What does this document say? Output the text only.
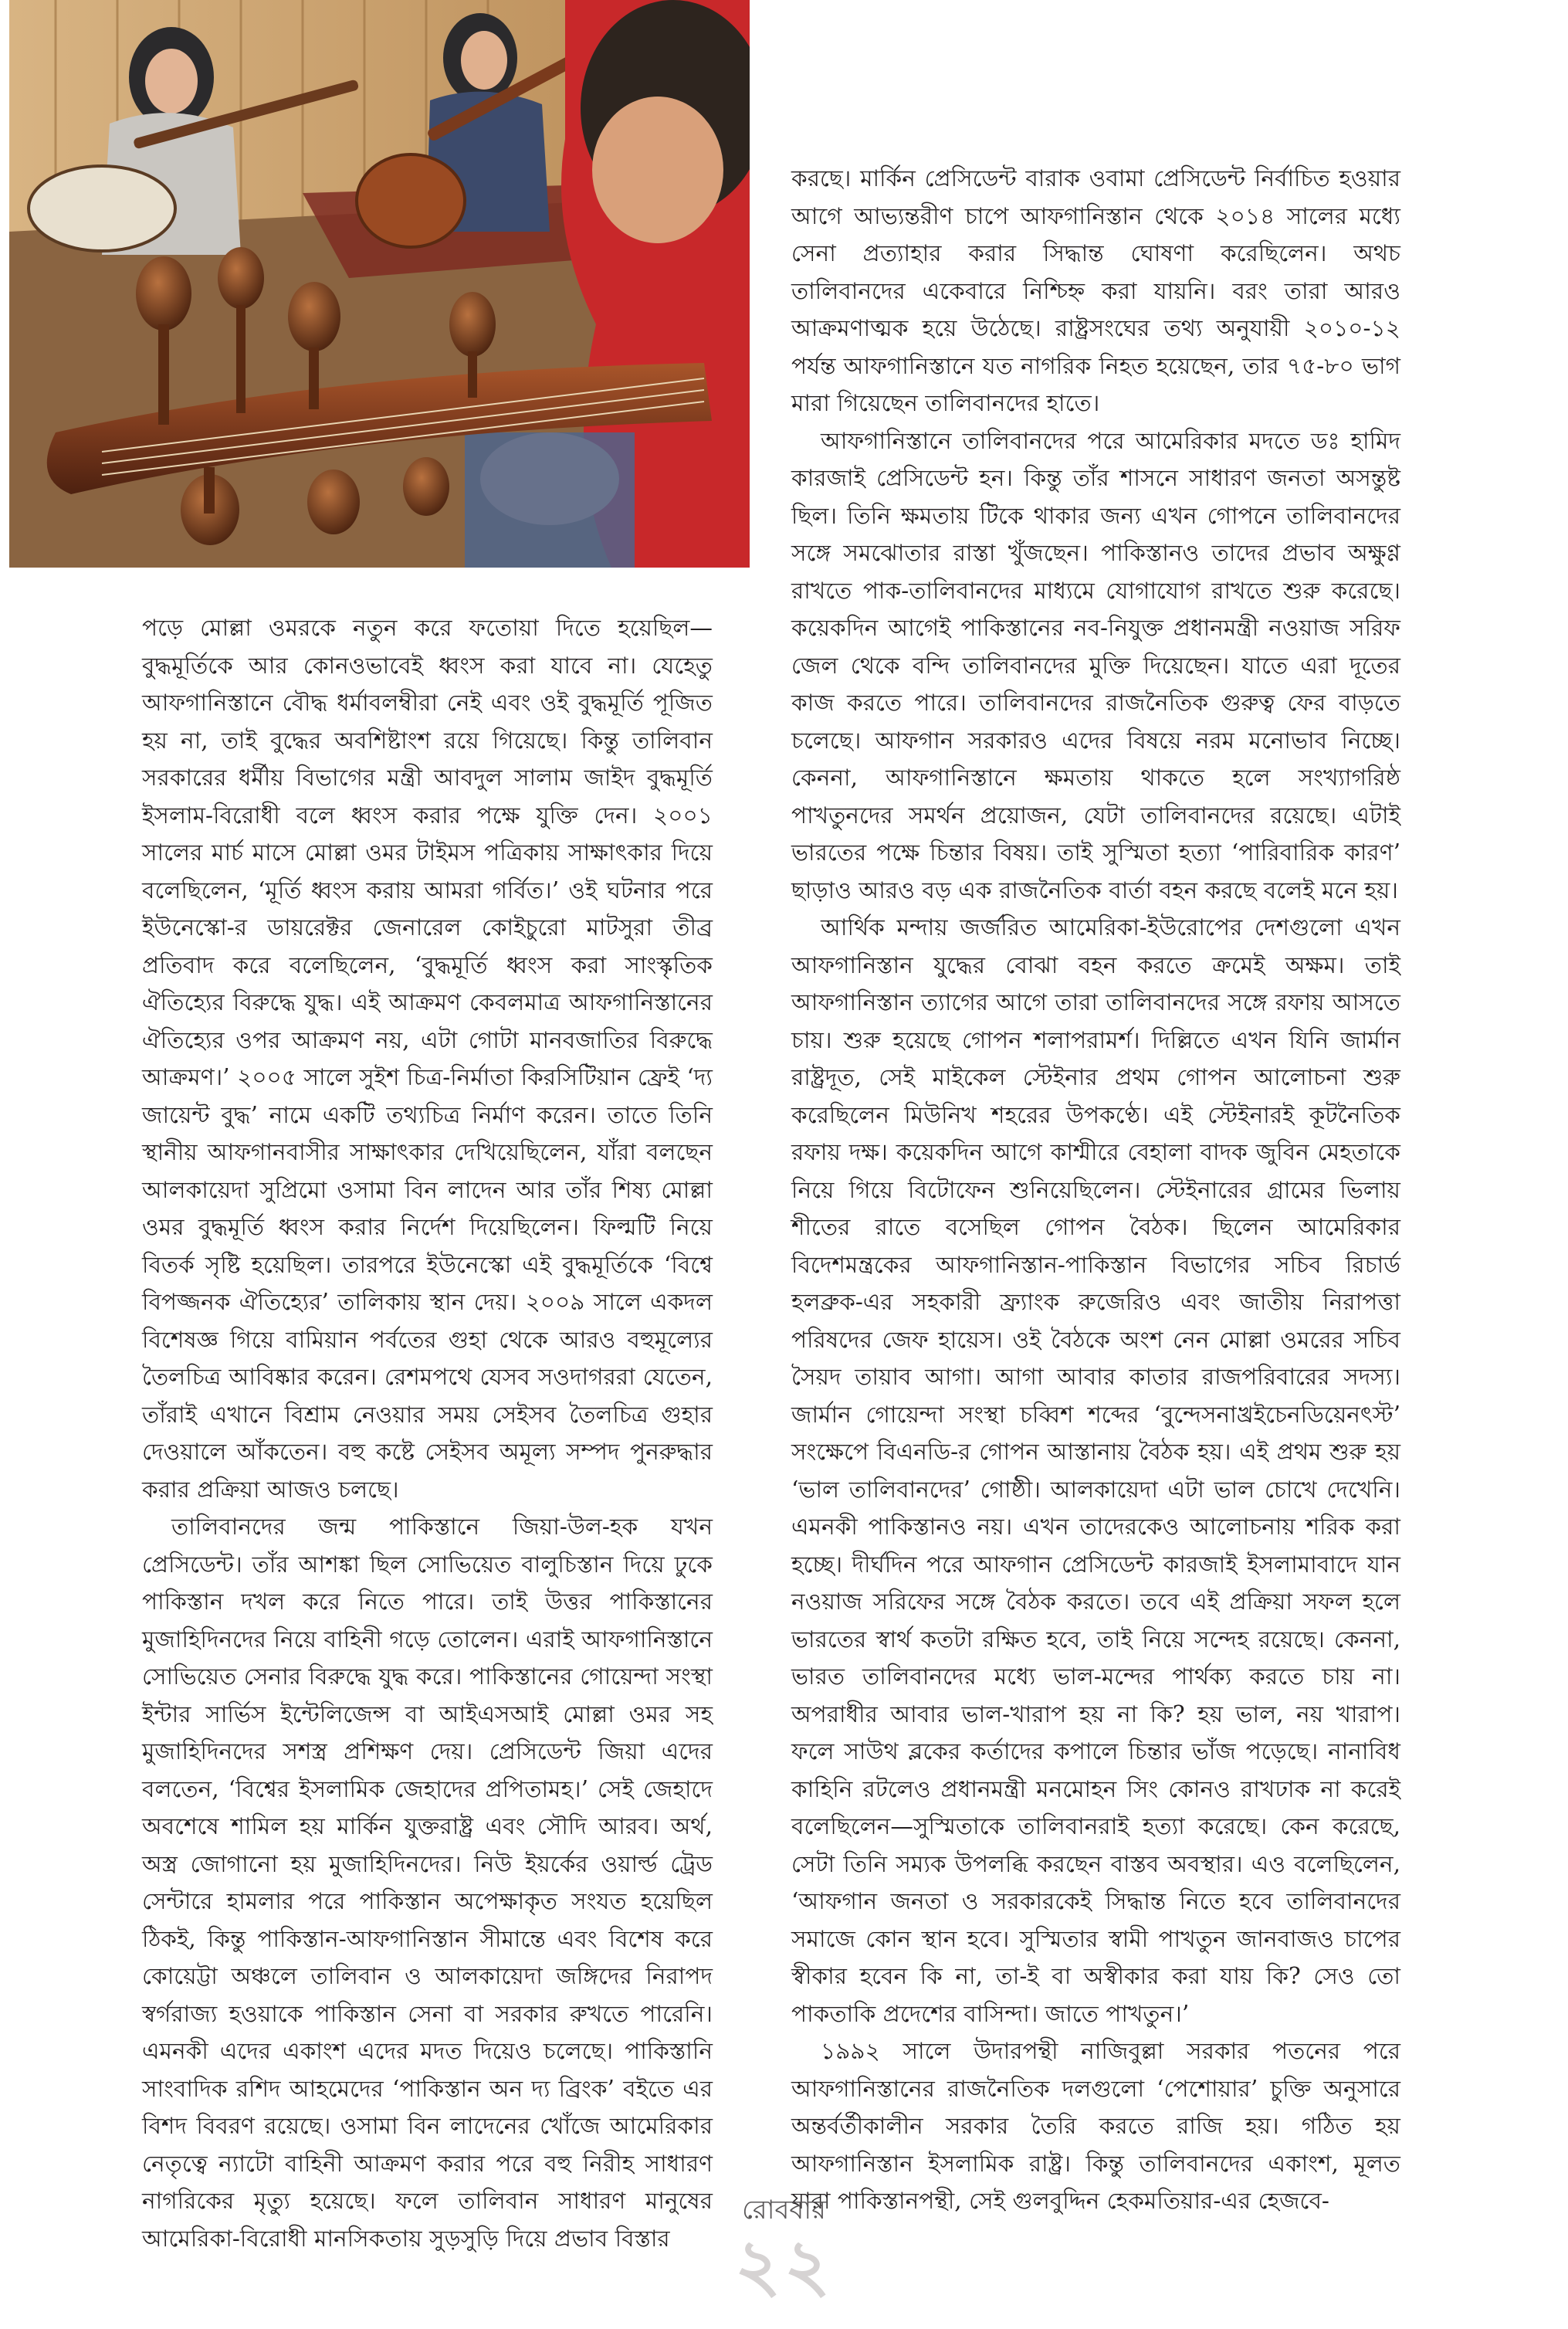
পড়ে মোল্লা ওমরকে নতুন করে ফতোয়া দিতে হয়েছিল—বুদ্ধমূর্তিকে আর কোনওভাবেই ধ্বংস করা যাবে না। যেহেতু আফগানিস্তানে বৌদ্ধ ধর্মাবলম্বীরা নেই এবং ওই বুদ্ধমূর্তি পূজিত হয় না, তাই বুদ্ধের অবশিষ্টাংশ রয়ে গিয়েছে। কিন্তু তালিবান সরকারের ধর্মীয় বিভাগের মন্ত্রী আবদুল সালাম জাইদ বুদ্ধমূর্তি ইসলাম-বিরোধী বলে ধ্বংস করার পক্ষে যুক্তি দেন। ২০০১ সালের মার্চ মাসে মোল্লা ওমর টাইমস পত্রিকায় সাক্ষাৎকার দিয়ে বলেছিলেন, ‘মূর্তি ধ্বংস করায় আমরা গর্বিত।’ ওই ঘটনার পরে ইউনেস্কো-র ডায়রেক্টর জেনারেল কোইচুরো মাটসুরা তীব্র প্রতিবাদ করে বলেছিলেন, ‘বুদ্ধমূর্তি ধ্বংস করা সাংস্কৃতিক ঐতিহ্যের বিরুদ্ধে যুদ্ধ। এই আক্রমণ কেবলমাত্র আফগানিস্তানের ঐতিহ্যের ওপর আক্রমণ নয়, এটা গোটা মানবজাতির বিরুদ্ধে আক্রমণ।’ ২০০৫ সালে সুইশ চিত্র-নির্মাতা কিরসিটিয়ান ফ্রেই ‘দ্য জায়েন্ট বুদ্ধ’ নামে একটি তথ্যচিত্র নির্মাণ করেন। তাতে তিনি স্থানীয় আফগানবাসীর সাক্ষাৎকার দেখিয়েছিলেন, যাঁরা বলছেন আলকায়েদা সুপ্রিমো ওসামা বিন লাদেন আর তাঁর শিষ্য মোল্লা ওমর বুদ্ধমূর্তি ধ্বংস করার নির্দেশ দিয়েছিলেন। ফিল্মটি নিয়ে বিতর্ক সৃষ্টি হয়েছিল। তারপরে ইউনেস্কো এই বুদ্ধমূর্তিকে ‘বিশ্বে বিপজ্জনক ঐতিহ্যের’ তালিকায় স্থান দেয়। ২০০৯ সালে একদল বিশেষজ্ঞ গিয়ে বামিয়ান পর্বতের গুহা থেকে আরও বহুমূল্যের তৈলচিত্র আবিষ্কার করেন। রেশমপথে যেসব সওদাগররা যেতেন, তাঁরাই এখানে বিশ্রাম নেওয়ার সময় সেইসব তৈলচিত্র গুহার দেওয়ালে আঁকতেন। বহু কষ্টে সেইসব অমূল্য সম্পদ পুনরুদ্ধার করার প্রক্রিয়া আজও চলছে।

তালিবানদের জন্ম পাকিস্তানে জিয়া-উল-হক যখন প্রেসিডেন্ট। তাঁর আশঙ্কা ছিল সোভিয়েত বালুচিস্তান দিয়ে ঢুকে পাকিস্তান দখল করে নিতে পারে। তাই উত্তর পাকিস্তানের মুজাহিদিনদের নিয়ে বাহিনী গড়ে তোলেন। এরাই আফগানিস্তানে সোভিয়েত সেনার বিরুদ্ধে যুদ্ধ করে। পাকিস্তানের গোয়েন্দা সংস্থা ইন্টার সার্ভিস ইন্টেলিজেন্স বা আইএসআই মোল্লা ওমর সহ মুজাহিদিনদের সশস্ত্র প্রশিক্ষণ দেয়। প্রেসিডেন্ট জিয়া এদের বলতেন, ‘বিশ্বের ইসলামিক জেহাদের প্রপিতামহ।’ সেই জেহাদে অবশেষে শামিল হয় মার্কিন যুক্তরাষ্ট্র এবং সৌদি আরব। অর্থ, অস্ত্র জোগানো হয় মুজাহিদিনদের। নিউ ইয়র্কের ওয়ার্ল্ড ট্রেড সেন্টারে হামলার পরে পাকিস্তান অপেক্ষাকৃত সংযত হয়েছিল ঠিকই, কিন্তু পাকিস্তান-আফগানিস্তান সীমান্তে এবং বিশেষ করে কোয়েট্টা অঞ্চলে তালিবান ও আলকায়েদা জঙ্গিদের নিরাপদ স্বর্গরাজ্য হওয়াকে পাকিস্তান সেনা বা সরকার রুখতে পারেনি। এমনকী এদের একাংশ এদের মদত দিয়েও চলেছে। পাকিস্তানি সাংবাদিক রশিদ আহমেদের ‘পাকিস্তান অন দ্য ব্রিংক’ বইতে এর বিশদ বিবরণ রয়েছে। ওসামা বিন লাদেনের খোঁজে আমেরিকার নেতৃত্বে ন্যাটো বাহিনী আক্রমণ করার পরে বহু নিরীহ সাধারণ নাগরিকের মৃত্যু হয়েছে। ফলে তালিবান সাধারণ মানুষের আমেরিকা-বিরোধী মানসিকতায় সুড়সুড়ি দিয়ে প্রভাব বিস্তার

করছে। মার্কিন প্রেসিডেন্ট বারাক ওবামা প্রেসিডেন্ট নির্বাচিত হওয়ার আগে আভ্যন্তরীণ চাপে আফগানিস্তান থেকে ২০১৪ সালের মধ্যে সেনা প্রত্যাহার করার সিদ্ধান্ত ঘোষণা করেছিলেন। অথচ তালিবানদের একেবারে নিশ্চিহ্ন করা যায়নি। বরং তারা আরও আক্রমণাত্মক হয়ে উঠেছে। রাষ্ট্রসংঘের তথ্য অনুযায়ী ২০১০-১২ পর্যন্ত আফগানিস্তানে যত নাগরিক নিহত হয়েছেন, তার ৭৫-৮০ ভাগ মারা গিয়েছেন তালিবানদের হাতে।

আফগানিস্তানে তালিবানদের পরে আমেরিকার মদতে ডঃ হামিদ কারজাই প্রেসিডেন্ট হন। কিন্তু তাঁর শাসনে সাধারণ জনতা অসন্তুষ্ট ছিল। তিনি ক্ষমতায় টিকে থাকার জন্য এখন গোপনে তালিবানদের সঙ্গে সমঝোতার রাস্তা খুঁজছেন। পাকিস্তানও তাদের প্রভাব অক্ষুণ্ণ রাখতে পাক-তালিবানদের মাধ্যমে যোগাযোগ রাখতে শুরু করেছে। কয়েকদিন আগেই পাকিস্তানের নব-নিযুক্ত প্রধানমন্ত্রী নওয়াজ সরিফ জেল থেকে বন্দি তালিবানদের মুক্তি দিয়েছেন। যাতে এরা দূতের কাজ করতে পারে। তালিবানদের রাজনৈতিক গুরুত্ব ফের বাড়তে চলেছে। আফগান সরকারও এদের বিষয়ে নরম মনোভাব নিচ্ছে। কেননা, আফগানিস্তানে ক্ষমতায় থাকতে হলে সংখ্যাগরিষ্ঠ পাখতুনদের সমর্থন প্রয়োজন, যেটা তালিবানদের রয়েছে। এটাই ভারতের পক্ষে চিন্তার বিষয়। তাই সুস্মিতা হত্যা ‘পারিবারিক কারণ’ ছাড়াও আরও বড় এক রাজনৈতিক বার্তা বহন করছে বলেই মনে হয়।

আর্থিক মন্দায় জর্জরিত আমেরিকা-ইউরোপের দেশগুলো এখন আফগানিস্তান যুদ্ধের বোঝা বহন করতে ক্রমেই অক্ষম। তাই আফগানিস্তান ত্যাগের আগে তারা তালিবানদের সঙ্গে রফায় আসতে চায়। শুরু হয়েছে গোপন শলাপরামর্শ। দিল্লিতে এখন যিনি জার্মান রাষ্ট্রদূত, সেই মাইকেল স্টেইনার প্রথম গোপন আলোচনা শুরু করেছিলেন মিউনিখ শহরের উপকণ্ঠে। এই স্টেইনারই কূটনৈতিক রফায় দক্ষ। কয়েকদিন আগে কাশ্মীরে বেহালা বাদক জুবিন মেহতাকে নিয়ে গিয়ে বিটোফেন শুনিয়েছিলেন। স্টেইনারের গ্রামের ভিলায় শীতের রাতে বসেছিল গোপন বৈঠক। ছিলেন আমেরিকার বিদেশমন্ত্রকের আফগানিস্তান-পাকিস্তান বিভাগের সচিব রিচার্ড হলব্রুক-এর সহকারী ফ্র্যাংক রুজেরিও এবং জাতীয় নিরাপত্তা পরিষদের জেফ হায়েস। ওই বৈঠকে অংশ নেন মোল্লা ওমরের সচিব সৈয়দ তায়াব আগা। আগা আবার কাতার রাজপরিবারের সদস্য। জার্মান গোয়েন্দা সংস্থা চব্বিশ শব্দের ‘বুন্দেসনাখ্রইচেনডিয়েনৎস্ট’ সংক্ষেপে বিএনডি-র গোপন আস্তানায় বৈঠক হয়। এই প্রথম শুরু হয় ‘ভাল তালিবানদের’ গোষ্ঠী। আলকায়েদা এটা ভাল চোখে দেখেনি। এমনকী পাকিস্তানও নয়। এখন তাদেরকেও আলোচনায় শরিক করা হচ্ছে। দীর্ঘদিন পরে আফগান প্রেসিডেন্ট কারজাই ইসলামাবাদে যান নওয়াজ সরিফের সঙ্গে বৈঠক করতে। তবে এই প্রক্রিয়া সফল হলে ভারতের স্বার্থ কতটা রক্ষিত হবে, তাই নিয়ে সন্দেহ রয়েছে। কেননা, ভারত তালিবানদের মধ্যে ভাল-মন্দের পার্থক্য করতে চায় না। অপরাধীর আবার ভাল-খারাপ হয় না কি? হয় ভাল, নয় খারাপ। ফলে সাউথ ব্লকের কর্তাদের কপালে চিন্তার ভাঁজ পড়েছে। নানাবিধ কাহিনি রটলেও প্রধানমন্ত্রী মনমোহন সিং কোনও রাখঢাক না করেই বলেছিলেন—সুস্মিতাকে তালিবানরাই হত্যা করেছে। কেন করেছে, সেটা তিনি সম্যক উপলব্ধি করছেন বাস্তব অবস্থার। এও বলেছিলেন, ‘আফগান জনতা ও সরকারকেই সিদ্ধান্ত নিতে হবে তালিবানদের সমাজে কোন স্থান হবে। সুস্মিতার স্বামী পাখতুন জানবাজও চাপের স্বীকার হবেন কি না, তা-ই বা অস্বীকার করা যায় কি? সেও তো পাকতাকি প্রদেশের বাসিন্দা। জাতে পাখতুন।’

১৯৯২ সালে উদারপন্থী নাজিবুল্লা সরকার পতনের পরে আফগানিস্তানের রাজনৈতিক দলগুলো ‘পেশোয়ার’ চুক্তি অনুসারে অন্তর্বর্তীকালীন সরকার তৈরি করতে রাজি হয়। গঠিত হয় আফগানিস্তান ইসলামিক রাষ্ট্র। কিন্তু তালিবানদের একাংশ, মূলত যারা পাকিস্তানপন্থী, সেই গুলবুদ্দিন হেকমতিয়ার-এর হেজবে-

রোববার
২২
